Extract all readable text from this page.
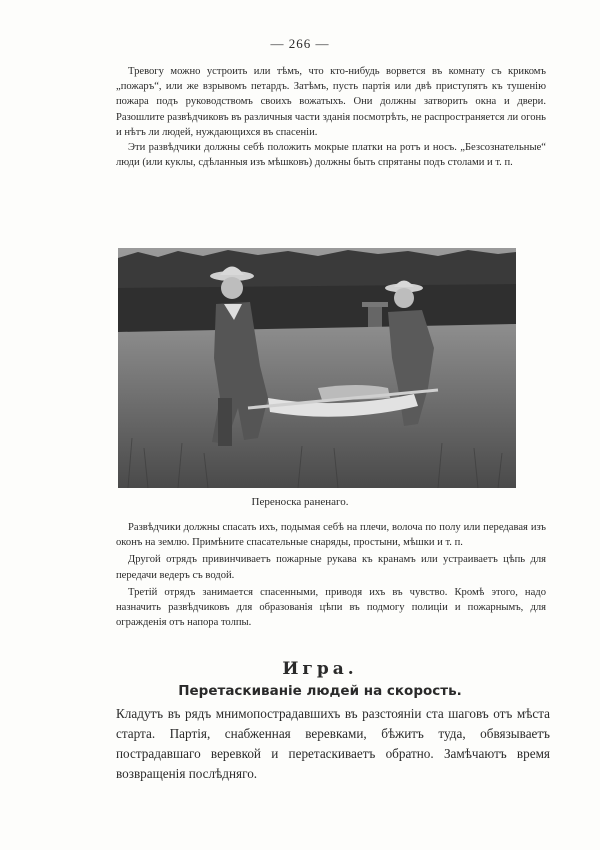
— 266 —

Тревогу можно устроить или тѣмъ, что кто-нибудь ворвется въ комнату съ крикомъ „пожаръ“, или же взрывомъ петардъ. Затѣмъ, пусть партія или двѣ приступятъ къ тушенію пожара подъ руководствомъ своихъ вожатыхъ. Они должны затворить окна и двери. Разошлите развѣдчиковъ въ различныя части зданія посмотрѣть, не распространяется ли огонь и нѣтъ ли людей, нуждающихся въ спасеніи.

Эти развѣдчики должны себѣ положить мокрые платки на ротъ и носъ. „Безсознательные“ люди (или куклы, сдѣланныя изъ мѣшковъ) должны быть спрятаны подъ столами и т. п.

Переноска раненаго.

Развѣдчики должны спасать ихъ, подымая себѣ на плечи, волоча по полу или передавая изъ оконъ на землю. Примѣните спасательные снаряды, простыни, мѣшки и т. п.

Другой отрядъ привинчиваетъ пожарные рукава къ кранамъ или устраиваетъ цѣпь для передачи ведеръ съ водой.

Третій отрядъ занимается спасенными, приводя ихъ въ чувство. Кромѣ этого, надо назначить развѣдчиковъ для образованія цѣпи въ подмогу полиціи и пожарнымъ, для огражденія отъ напора толпы.

Игра.
Перетаскиваніе людей на скорость.

Кладутъ въ рядъ мнимопострадавшихъ въ разстояніи ста шаговъ отъ мѣста старта. Партія, снабженная веревками, бѣжитъ туда, обвязываетъ пострадавшаго веревкой и перетаскиваетъ обратно. Замѣчаютъ время возвращенія послѣдняго.
